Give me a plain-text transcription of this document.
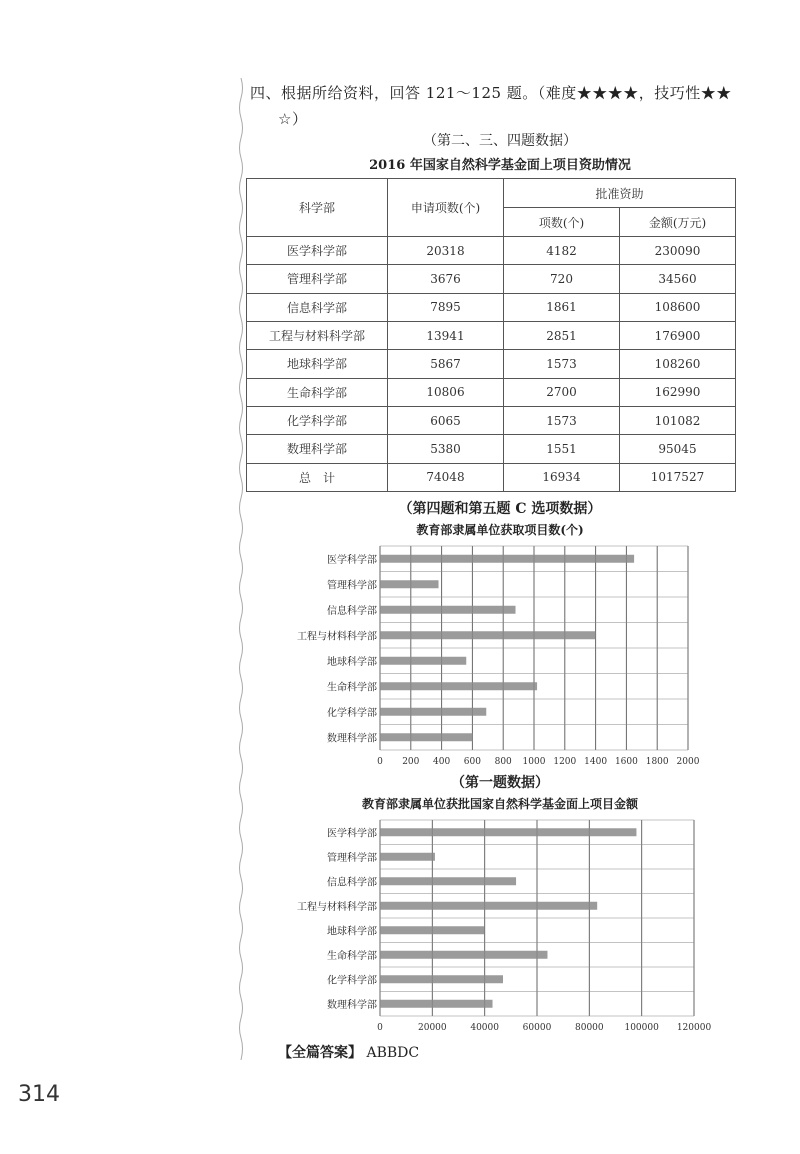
四、根据所给资料，回答 121～125 题。（难度★★★★，技巧性★★
☆）
（第二、三、四题数据）
2016 年国家自然科学基金面上项目资助情况
科学部	申请项数(个)	批准资助	
		项数(个)	金额(万元)
医学科学部	20318	4182	230090
管理科学部	3676	720	34560
信息科学部	7895	1861	108600
工程与材料科学部	13941	2851	176900
地球科学部	5867	1573	108260
生命科学部	10806	2700	162990
化学科学部	6065	1573	101082
数理科学部	5380	1551	95045
总　计	74048	16934	1017527
（第四题和第五题 C 选项数据）
教育部隶属单位获取项目数(个)
0 200 400 600 800 1000 1200 1400 1600 1800 2000
医学科学部
管理科学部
信息科学部
工程与材料科学部
地球科学部
生命科学部
化学科学部
数理科学部
（第一题数据）
教育部隶属单位获批国家自然科学基金面上项目金额
0	20000	40000	60000	80000 100000 120000
医学科学部
管理科学部
信息科学部
工程与材料科学部
地球科学部
生命科学部
化学科学部
数理科学部
【全篇答案】 ABBDC
314
